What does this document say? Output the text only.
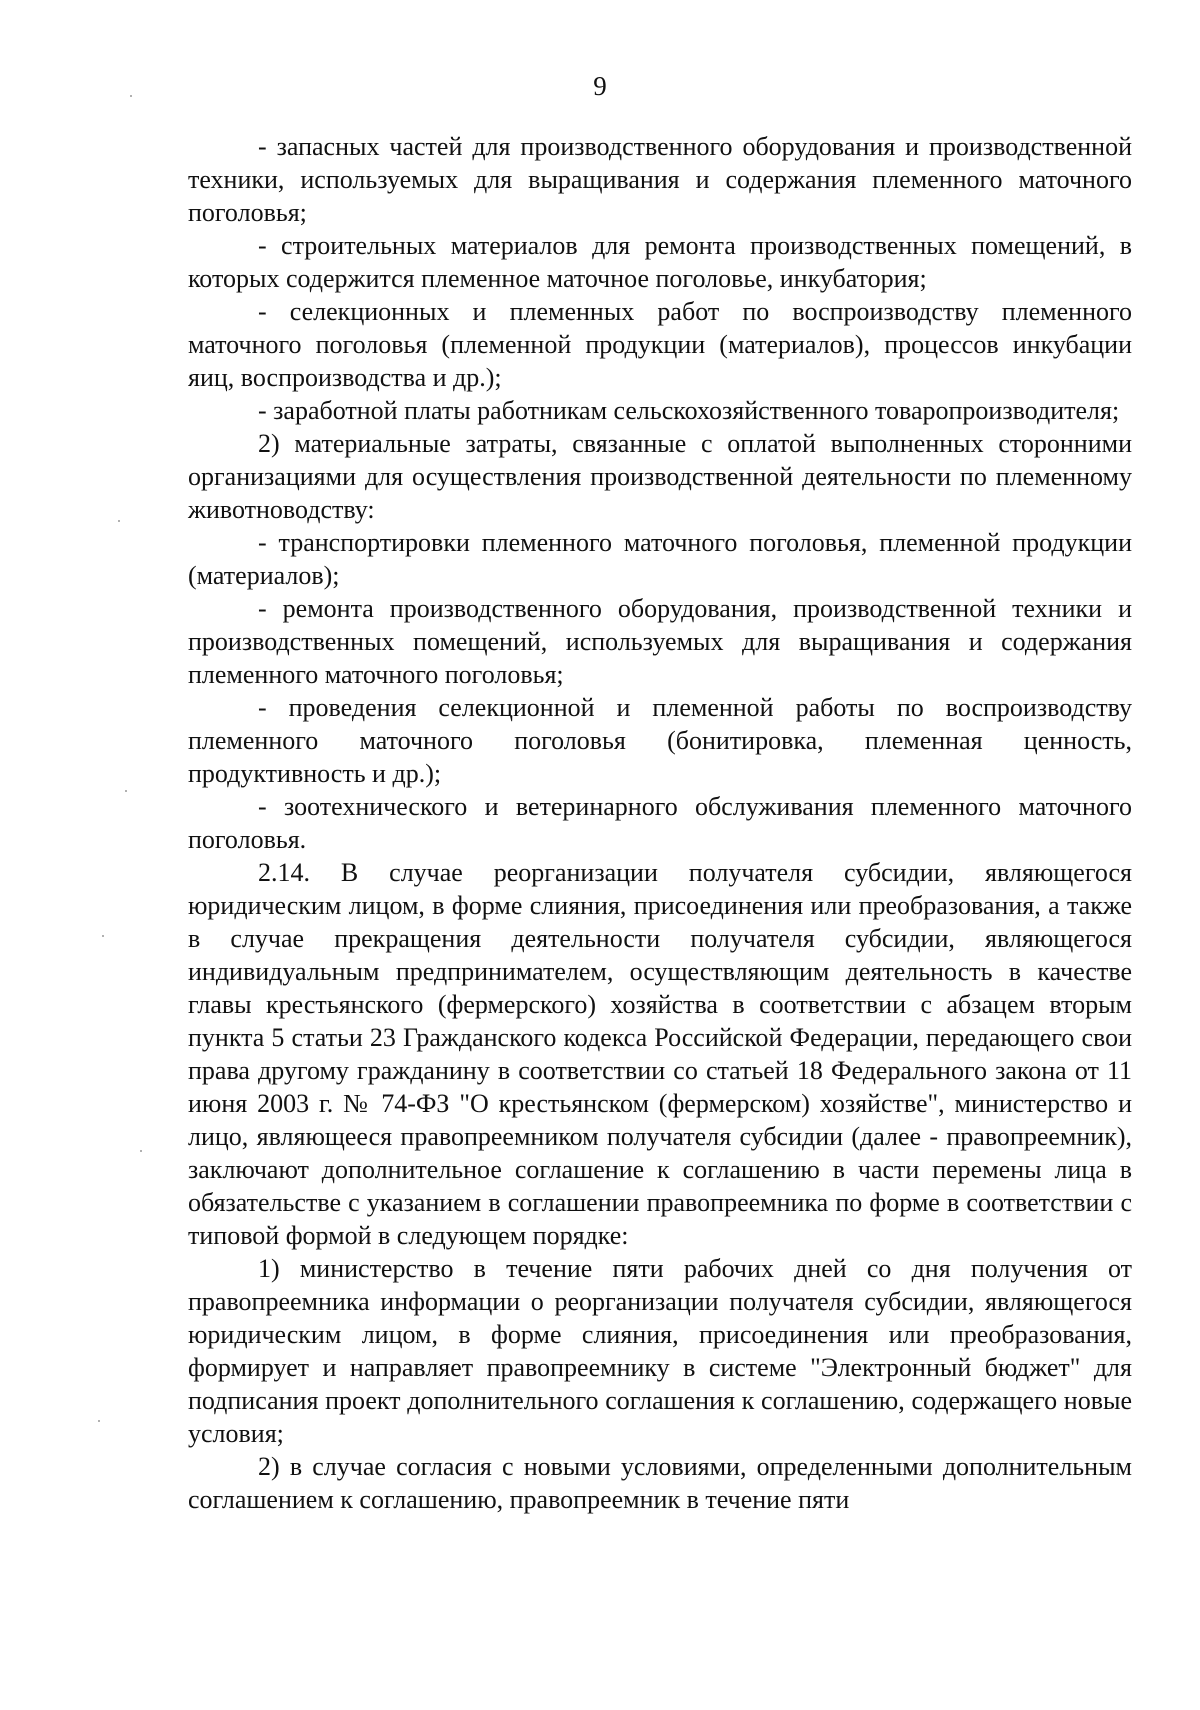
9

- запасных частей для производственного оборудования и производственной техники, используемых для выращивания и содержания племенного маточного поголовья;

- строительных материалов для ремонта производственных помещений, в которых содержится племенное маточное поголовье, инкубатория;

- селекционных и племенных работ по воспроизводству племенного маточного поголовья (племенной продукции (материалов), процессов инкубации яиц, воспроизводства и др.);

- заработной платы работникам сельскохозяйственного товаропроизводителя;

2) материальные затраты, связанные с оплатой выполненных сторонними организациями для осуществления производственной деятельности по племенному животноводству:

- транспортировки племенного маточного поголовья, племенной продукции (материалов);

- ремонта производственного оборудования, производственной техники и производственных помещений, используемых для выращивания и содержания племенного маточного поголовья;

- проведения селекционной и племенной работы по воспроизводству племенного маточного поголовья (бонитировка, племенная ценность, продуктивность и др.);

- зоотехнического и ветеринарного обслуживания племенного маточного поголовья.

2.14. В случае реорганизации получателя субсидии, являющегося юридическим лицом, в форме слияния, присоединения или преобразования, а также в случае прекращения деятельности получателя субсидии, являющегося индивидуальным предпринимателем, осуществляющим деятельность в качестве главы крестьянского (фермерского) хозяйства в соответствии с абзацем вторым пункта 5 статьи 23 Гражданского кодекса Российской Федерации, передающего свои права другому гражданину в соответствии со статьей 18 Федерального закона от 11 июня 2003 г. № 74-ФЗ "О крестьянском (фермерском) хозяйстве", министерство и лицо, являющееся правопреемником получателя субсидии (далее - правопреемник), заключают дополнительное соглашение к соглашению в части перемены лица в обязательстве с указанием в соглашении правопреемника по форме в соответствии с типовой формой в следующем порядке:

1) министерство в течение пяти рабочих дней со дня получения от правопреемника информации о реорганизации получателя субсидии, являющегося юридическим лицом, в форме слияния, присоединения или преобразования, формирует и направляет правопреемнику в системе "Электронный бюджет" для подписания проект дополнительного соглашения к соглашению, содержащего новые условия;

2) в случае согласия с новыми условиями, определенными дополнительным соглашением к соглашению, правопреемник в течение пяти
